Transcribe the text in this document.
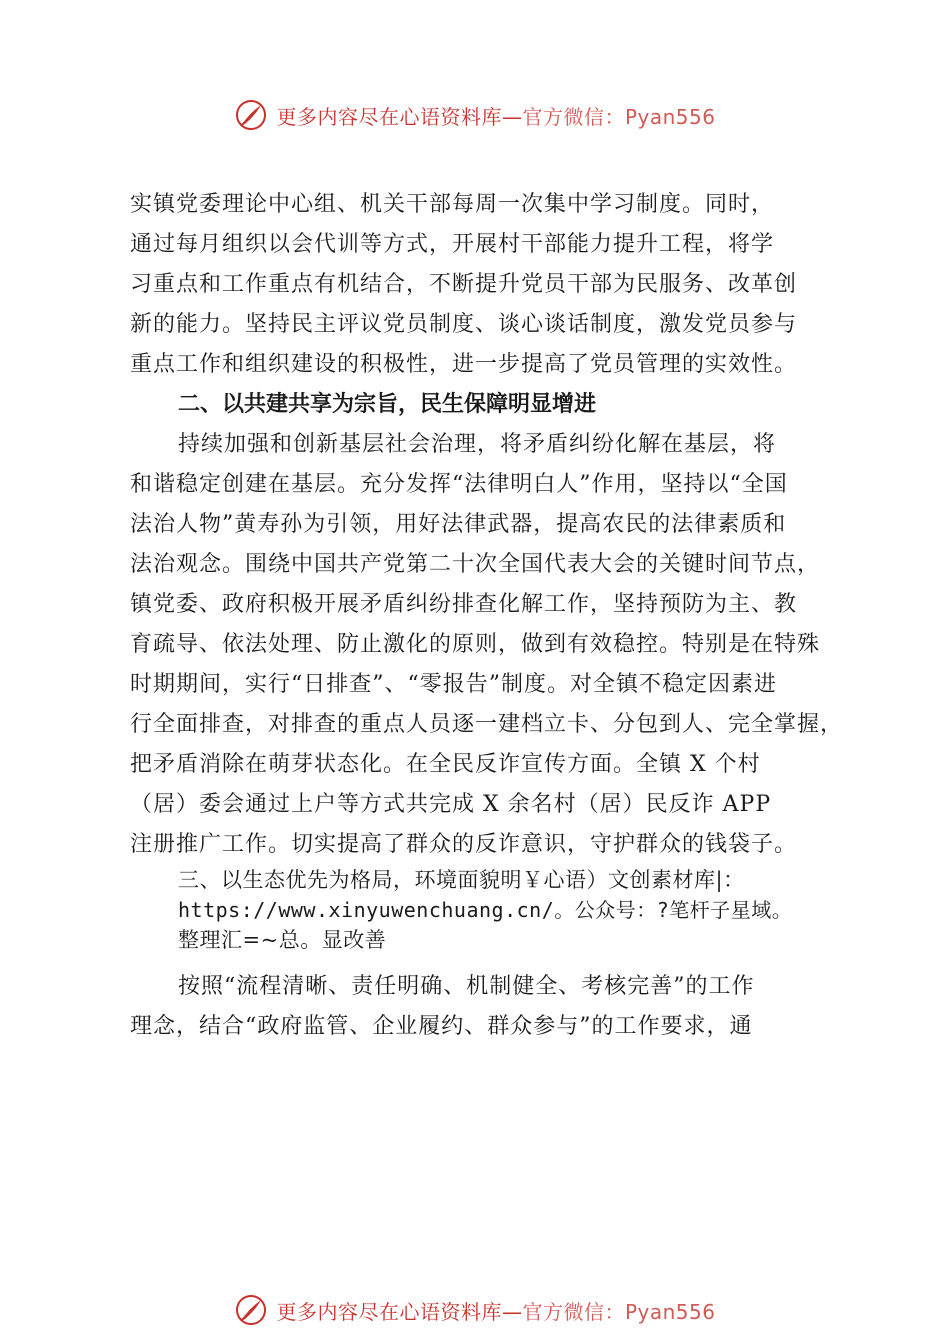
更多内容尽在心语资料库—官方微信：Pyan556
实镇党委理论中心组、机关干部每周一次集中学习制度。同时，
通过每月组织以会代训等方式，开展村干部能力提升工程，将学
习重点和工作重点有机结合，不断提升党员干部为民服务、改革创
新的能力。坚持民主评议党员制度、谈心谈话制度，激发党员参与
重点工作和组织建设的积极性，进一步提高了党员管理的实效性。
二、以共建共享为宗旨，民生保障明显增进
持续加强和创新基层社会治理，将矛盾纠纷化解在基层，将
和谐稳定创建在基层。充分发挥“法律明白人”作用，坚持以“全国
法治人物”黄寿孙为引领，用好法律武器，提高农民的法律素质和
法治观念。围绕中国共产党第二十次全国代表大会的关键时间节点，
镇党委、政府积极开展矛盾纠纷排查化解工作，坚持预防为主、教
育疏导、依法处理、防止激化的原则，做到有效稳控。特别是在特殊
时期期间，实行“日排查”、“零报告”制度。对全镇不稳定因素进
行全面排查，对排查的重点人员逐一建档立卡、分包到人、完全掌握，
把矛盾消除在萌芽状态化。在全民反诈宣传方面。全镇 X 个村
（居）委会通过上户等方式共完成 X 余名村（居）民反诈 APP
注册推广工作。切实提高了群众的反诈意识，守护群众的钱袋子。
三、以生态优先为格局，环境面貌明￥心语）文创素材库|：
https://www.xinyuwenchuang.cn/。公众号：?笔杆子星域。
整理汇=~总。显改善
按照“流程清晰、责任明确、机制健全、考核完善”的工作
理念，结合“政府监管、企业履约、群众参与”的工作要求，通
更多内容尽在心语资料库—官方微信：Pyan556
